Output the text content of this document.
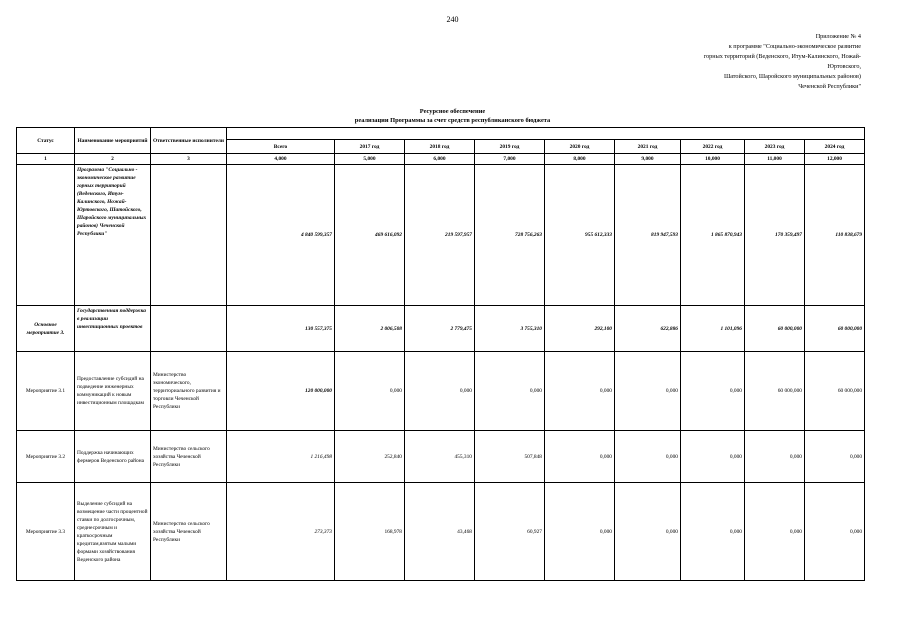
240
Приложение № 4
к программе "Социально-экономическое развитие
горных территорий (Веденского, Итум-Калинского, Ножай-
Юртовского,
Шатойского, Шаройского муниципальных районов)
Чеченской Республики"
Ресурсное обеспечение
реализации Программы за счет средств республиканского бюджета
Статус	Наименование мероприятий	Ответственные исполнители									
			Всего	2017 год	2018 год	2019 год	2020 год	2021 год	2022 год	2023 год	2024 год
1	2	3	4,000	5,000	6,000	7,000	8,000	9,000	10,000	11,000	12,000
	Программа "Социально - экономическое развитие горных территорий (Веденского, Итум-Калинского, Ножай-Юртовского, Шатойского, Шаройского муниципальных районов) Чеченской Республики"		4 840 599,357	469 616,092	219 597,957	728 756,263	955 612,333	819 947,593	1 865 870,943	170 359,497	110 838,679
Основное мероприятие 3.	Государственная поддержка в реализации инвестиционных проектов		130 557,375	2 006,508	2 779,475	3 755,310	292,100	622,886	1 101,096	60 000,000	60 000,000
Мероприятие 3.1	Предоставление субсидий на подведение инженерных коммуникаций к новым инвестиционным площадкам	Министерство экономического, территориального развития и торговли Чеченской Республики	120 000,000	0,000	0,000	0,000	0,000	0,000	0,000	60 000,000	60 000,000
Мероприятие 3.2	Поддержка начинающих фермеров Веденского района	Министерство сельского хозяйства Чеченской Республики	1 216,498	252,840	455,310	507,848	0,000	0,000	0,000	0,000	0,000
Мероприятие 3.3	Выделение субсидий на возмещение части процентной ставки по долгосрочным, среднесрочным и краткосрочным кредитам,взятым малыми формами хозяйствования Веденского района	Министерство сельского хозяйства Чеченской Республики	273,373	168,978	43,468	60,927	0,000	0,000	0,000	0,000	0,000
